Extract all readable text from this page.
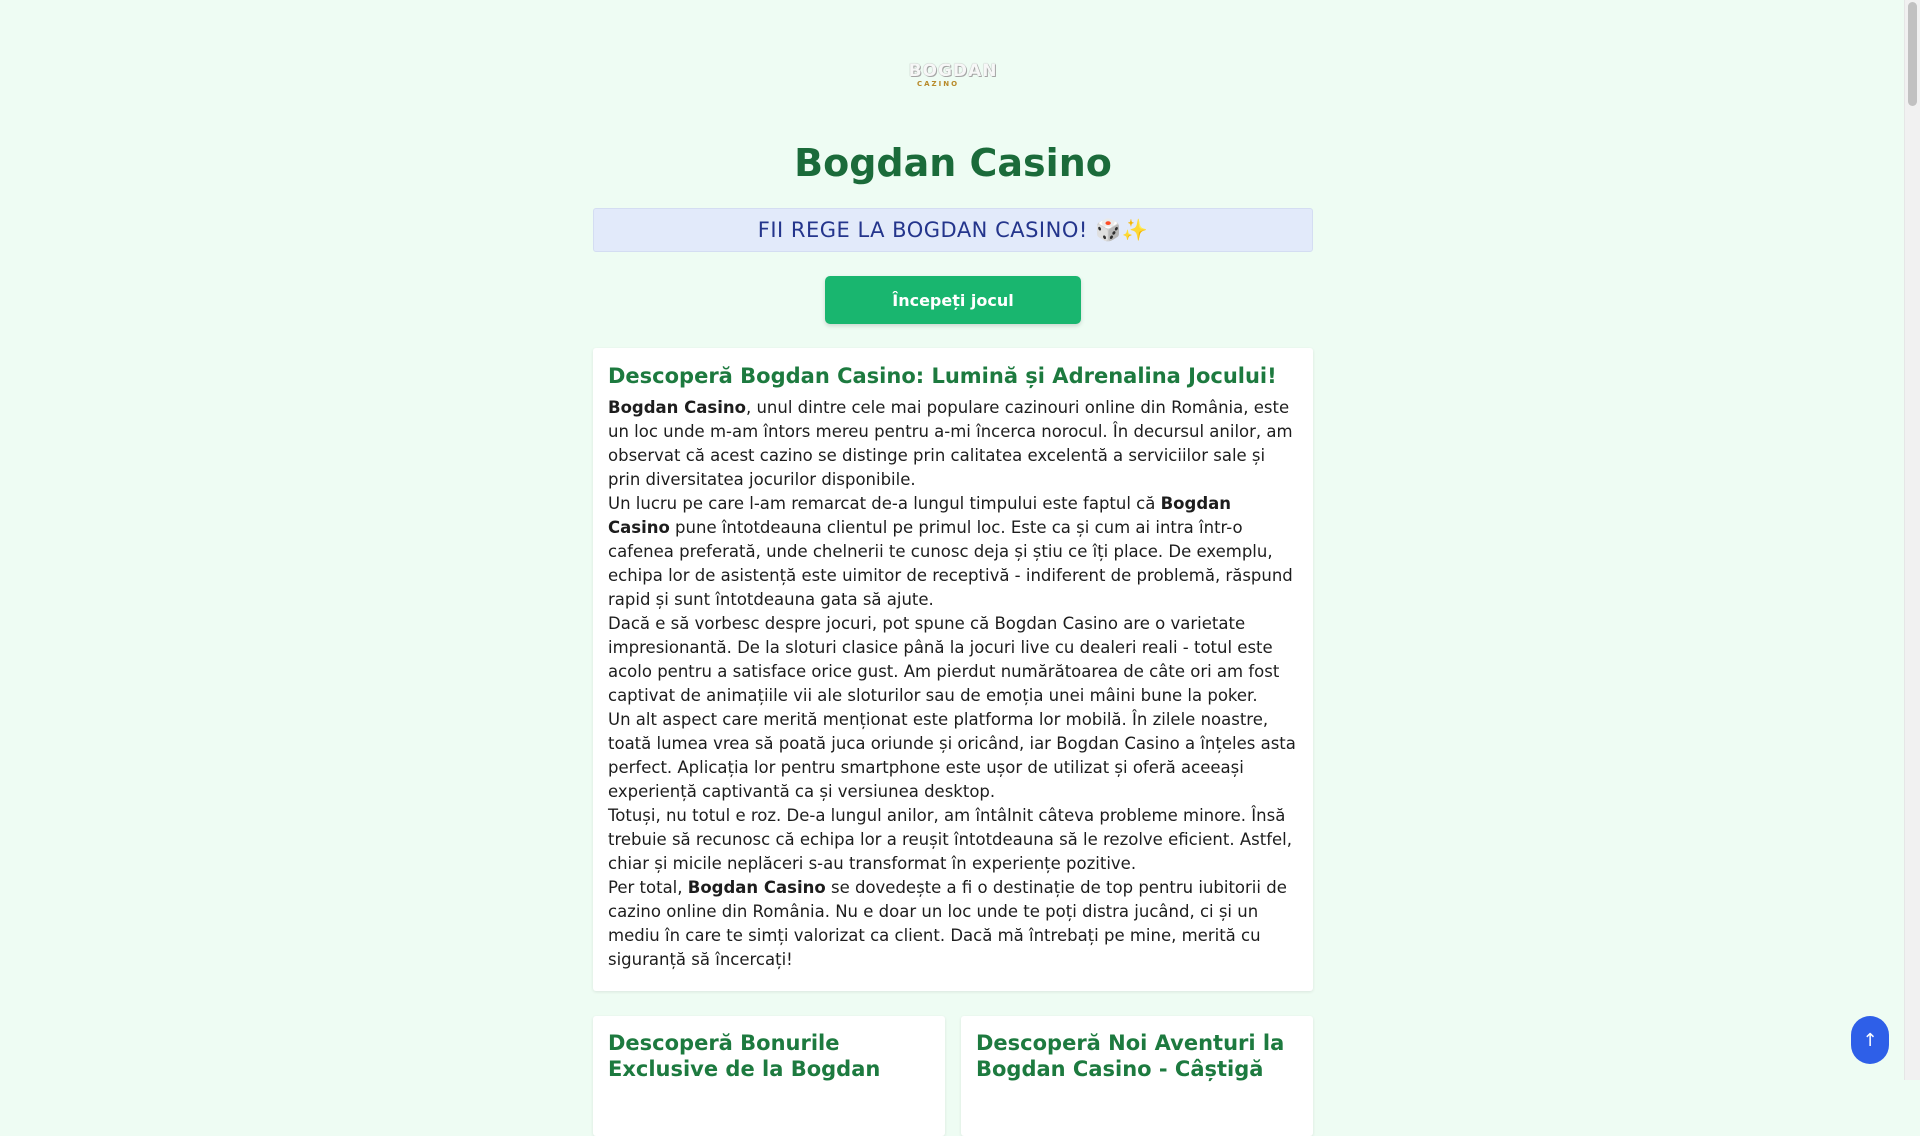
BOGDAN
CAZINO
Bogdan Casino
FII REGE LA BOGDAN CASINO! 🎲✨
Începeți jocul
Descoperă Bogdan Casino: Lumină și Adrenalina Jocului!

Bogdan Casino, unul dintre cele mai populare cazinouri online din România, este un loc unde m-am întors mereu pentru a-mi încerca norocul. În decursul anilor, am observat că acest cazino se distinge prin calitatea excelentă a serviciilor sale și prin diversitatea jocurilor disponibile.

Un lucru pe care l-am remarcat de-a lungul timpului este faptul că Bogdan Casino pune întotdeauna clientul pe primul loc. Este ca și cum ai intra într-o cafenea preferată, unde chelnerii te cunosc deja și știu ce îți place. De exemplu, echipa lor de asistență este uimitor de receptivă - indiferent de problemă, răspund rapid și sunt întotdeauna gata să ajute.

Dacă e să vorbesc despre jocuri, pot spune că Bogdan Casino are o varietate impresionantă. De la sloturi clasice până la jocuri live cu dealeri reali - totul este acolo pentru a satisface orice gust. Am pierdut numărătoarea de câte ori am fost captivat de animațiile vii ale sloturilor sau de emoția unei mâini bune la poker.

Un alt aspect care merită menționat este platforma lor mobilă. În zilele noastre, toată lumea vrea să poată juca oriunde și oricând, iar Bogdan Casino a înțeles asta perfect. Aplicația lor pentru smartphone este ușor de utilizat și oferă aceeași experiență captivantă ca și versiunea desktop.

Totuși, nu totul e roz. De-a lungul anilor, am întâlnit câteva probleme minore. Însă trebuie să recunosc că echipa lor a reușit întotdeauna să le rezolve eficient. Astfel, chiar și micile neplăceri s-au transformat în experiențe pozitive.

Per total, Bogdan Casino se dovedește a fi o destinație de top pentru iubitorii de cazino online din România. Nu e doar un loc unde te poți distra jucând, ci și un mediu în care te simți valorizat ca client. Dacă mă întrebați pe mine, merită cu siguranță să încercați!

Descoperă Bonurile Exclusive de la Bogdan
Descoperă Noi Aventuri la Bogdan Casino - Câștigă
↑
